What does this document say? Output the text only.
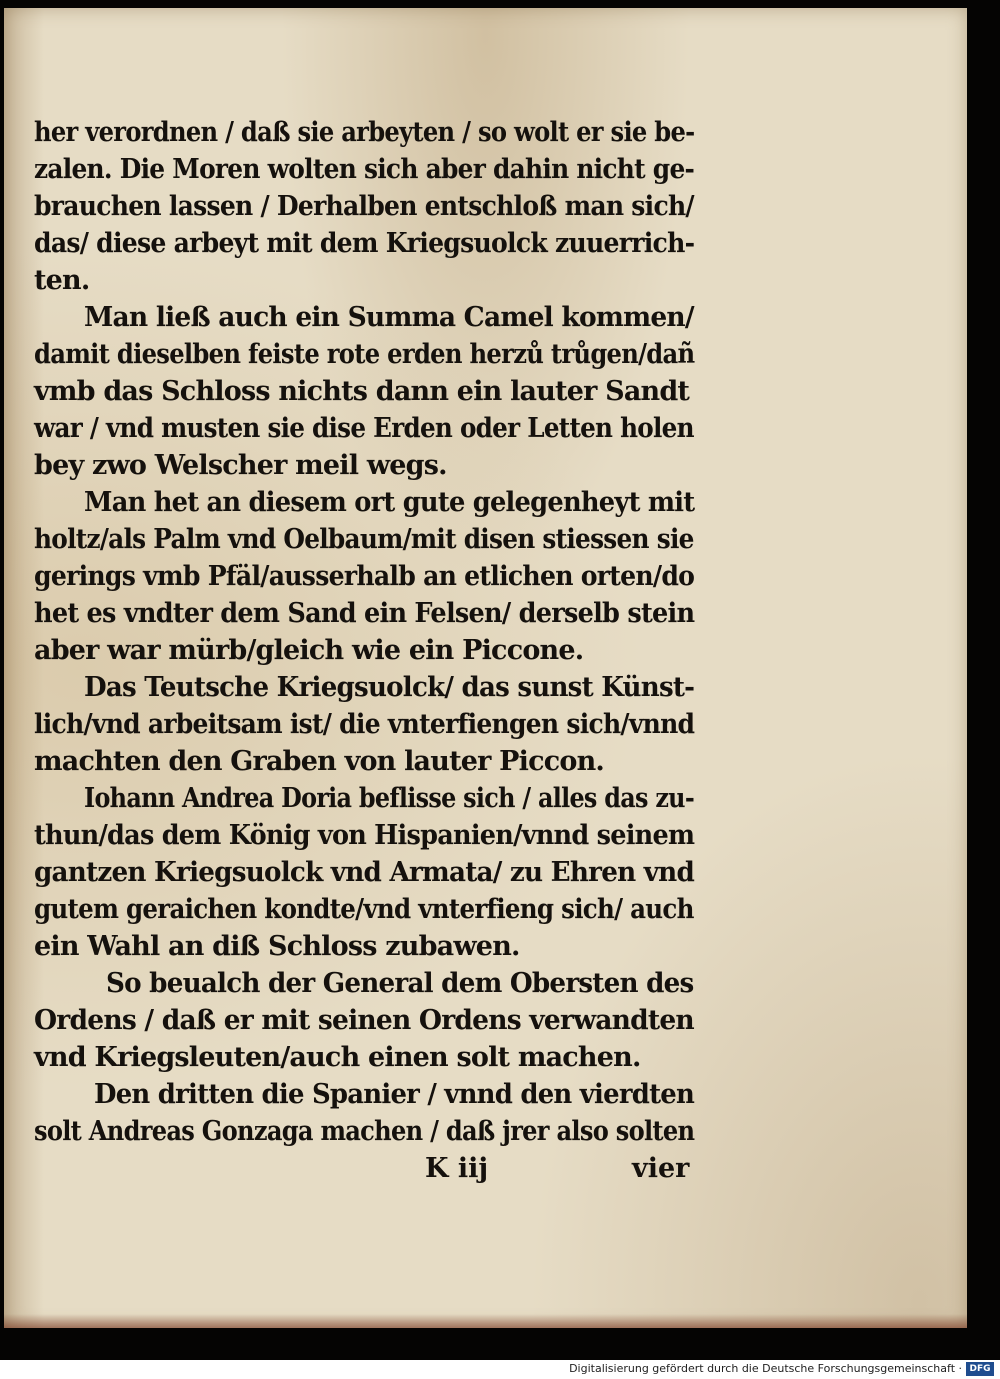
her verordnen / daß sie arbeyten / so wolt er sie be-
zalen. Die Moren wolten sich aber dahin nicht ge-
brauchen lassen / Derhalben entschloß man sich/
das/ diese arbeyt mit dem Kriegsuolck zuuerrich-
ten.
Man ließ auch ein Summa Camel kommen/
damit dieselben feiste rote erden herzů trůgen/dañ
vmb das Schloss nichts dann ein lauter Sandt
war / vnd musten sie dise Erden oder Letten holen
bey zwo Welscher meil wegs.
Man het an diesem ort gute gelegenheyt mit
holtz/als Palm vnd Oelbaum/mit disen stiessen sie
gerings vmb Pfäl/ausserhalb an etlichen orten/do
het es vndter dem Sand ein Felsen/ derselb stein
aber war mürb/gleich wie ein Piccone.
Das Teutsche Kriegsuolck/ das sunst Künst-
lich/vnd arbeitsam ist/ die vnterfiengen sich/vnnd
machten den Graben von lauter Piccon.
Iohann Andrea Doria beflisse sich / alles das zu-
thun/das dem König von Hispanien/vnnd seinem
gantzen Kriegsuolck vnd Armata/ zu Ehren vnd
gutem geraichen kondte/vnd vnterfieng sich/ auch
ein Wahl an diß Schloss zubawen.
So beualch der General dem Obersten des
Ordens / daß er mit seinen Ordens verwandten
vnd Kriegsleuten/auch einen solt machen.
Den dritten die Spanier / vnnd den vierdten
solt Andreas Gonzaga machen / daß jrer also solten
K iij	vier
Digitalisierung gefördert durch die Deutsche Forschungsgemeinschaft · DFG
